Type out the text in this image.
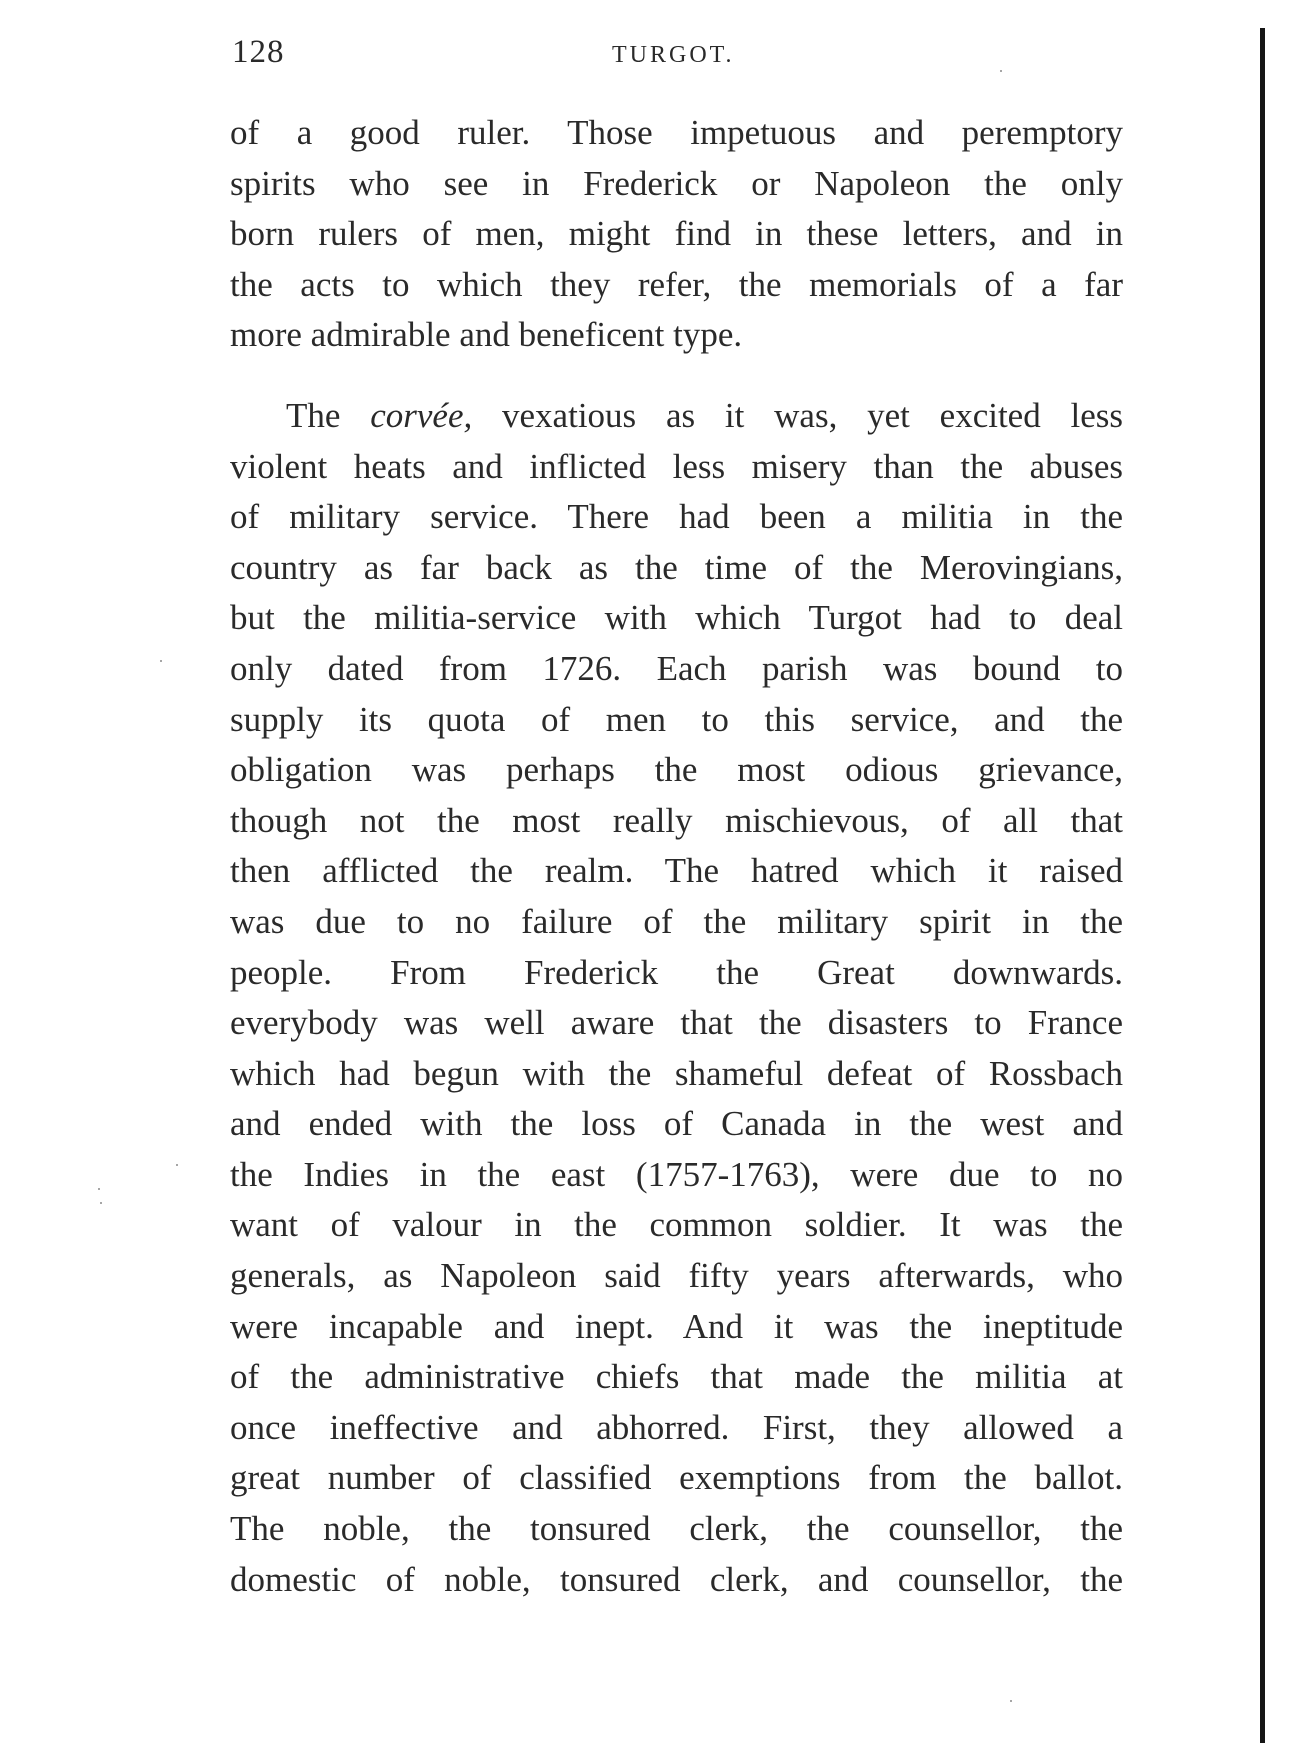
128	TURGOT.
of a good ruler. Those impetuous and peremptory
spirits who see in Frederick or Napoleon the only
born rulers of men, might find in these letters, and in
the acts to which they refer, the memorials of a far
more admirable and beneficent type.
The corvée, vexatious as it was, yet excited less
violent heats and inflicted less misery than the abuses
of military service. There had been a militia in the
country as far back as the time of the Merovingians,
but the militia-service with which Turgot had to deal
only dated from 1726. Each parish was bound to
supply its quota of men to this service, and the
obligation was perhaps the most odious grievance,
though not the most really mischievous, of all that
then afflicted the realm. The hatred which it raised
was due to no failure of the military spirit in the
people. From Frederick the Great downwards.
everybody was well aware that the disasters to France
which had begun with the shameful defeat of Rossbach
and ended with the loss of Canada in the west and
the Indies in the east (1757-1763), were due to no
want of valour in the common soldier. It was the
generals, as Napoleon said fifty years afterwards, who
were incapable and inept. And it was the ineptitude
of the administrative chiefs that made the militia at
once ineffective and abhorred. First, they allowed a
great number of classified exemptions from the ballot.
The noble, the tonsured clerk, the counsellor, the
domestic of noble, tonsured clerk, and counsellor, the
